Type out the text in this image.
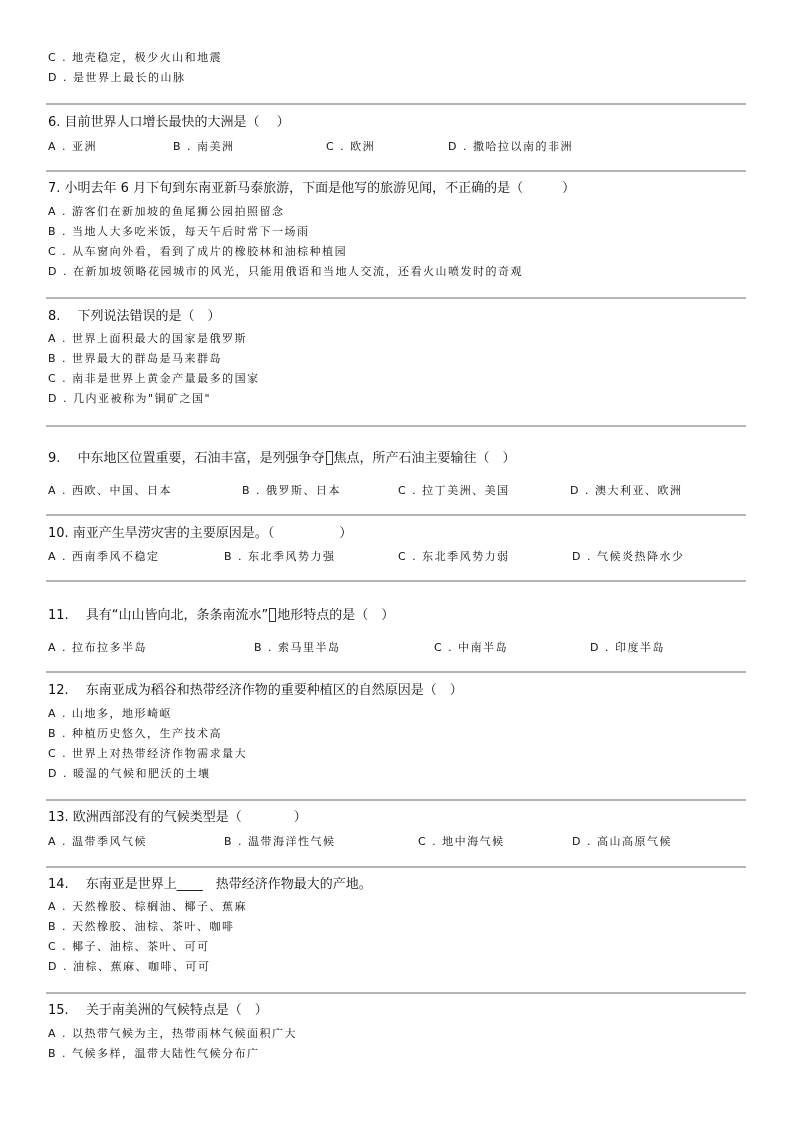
C . 地壳稳定，极少火山和地震
D . 是世界上最长的山脉
6. 目前世界人口增长最快的大洲是（　 ）

A . 亚洲

	B . 南美洲

	C . 欧洲

	D . 撒哈拉以南的非洲

7. 小明去年 6 月下旬到东南亚新马泰旅游，下面是他写的旅游见闻，不正确的是（　　　）
A . 游客们在新加坡的鱼尾狮公园拍照留念
B . 当地人大多吃米饭，每天午后时常下一场雨
C . 从车窗向外看，看到了成片的橡胶林和油棕种植园
D . 在新加坡领略花园城市的风光，只能用俄语和当地人交流，还看火山喷发时的奇观
8.　 下列说法错误的是（　）
A . 世界上面积最大的国家是俄罗斯
B . 世界最大的群岛是马来群岛
C . 南非是世界上黄金产量最多的国家
D . 几内亚被称为"铜矿之国"
9.　 中东地区位置重要，石油丰富，是列强争夺 焦点，所产石油主要输往（　）

A . 西欧、中国、日本

	B . 俄罗斯、日本

	C . 拉丁美洲、美国

	D . 澳大利亚、欧洲

10. 南亚产生旱涝灾害的主要原因是。（　　　　　）

A . 西南季风不稳定

	B . 东北季风势力强

	C . 东北季风势力弱

	D . 气候炎热降水少

11.　 具有“山山皆向北，条条南流水” 地形特点的是（　）

A . 拉布拉多半岛

	B . 索马里半岛

	C . 中南半岛

	D . 印度半岛

12.　 东南亚成为稻谷和热带经济作物的重要种植区的自然原因是（　）
A . 山地多，地形崎岖
B . 种植历史悠久，生产技术高
C . 世界上对热带经济作物需求量大
D . 暖湿的气候和肥沃的土壤
13. 欧洲西部没有的气候类型是（　　　　）

A . 温带季风气候

	B . 温带海洋性气候

	C . 地中海气候

	D . 高山高原气候

14.　 东南亚是世界上____　热带经济作物最大的产地。
A . 天然橡胶、棕榈油、椰子、蕉麻
B . 天然橡胶、油棕、茶叶、咖啡
C . 椰子、油棕、茶叶、可可
D . 油棕、蕉麻、咖啡、可可
15.　 关于南美洲的气候特点是（　）
A . 以热带气候为主，热带雨林气候面积广大
B . 气候多样，温带大陆性气候分布广
